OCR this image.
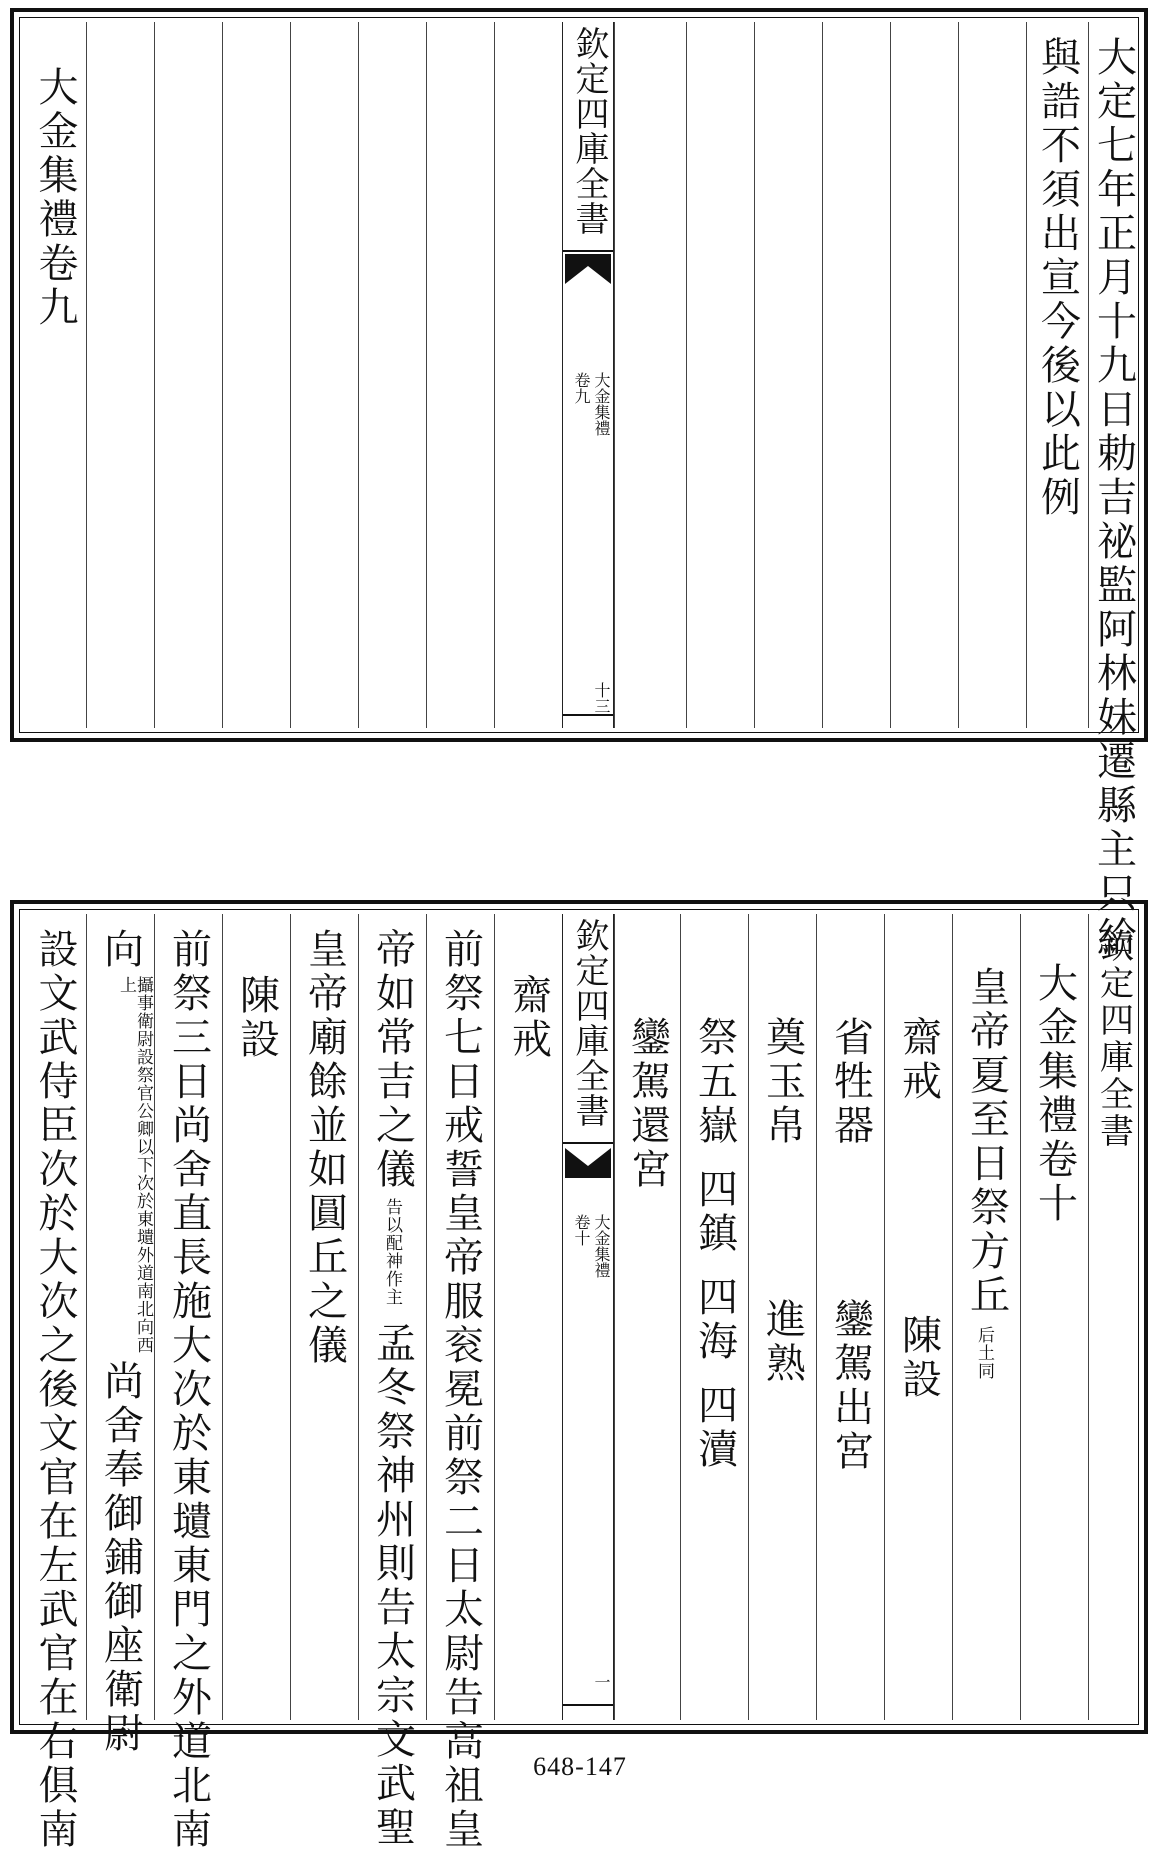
大定七年正月十九日勅吉祕監阿林妹遷縣主只給
與誥不須出宣今後以此例
欽定四庫全書
大金集禮
卷九
十三
大金集禮卷九
欽定四庫全書
大金集禮卷十
皇帝夏至日祭方丘
后土同
齋戒
陳設
省牲器
鑾駕出宮
奠玉帛
進熟
祭五嶽
四鎮
四海
四瀆
鑾駕還宮
欽定四庫全書
大金集禮
卷十
一
齋戒
前祭七日戒誓皇帝服衮冕前祭二日太尉告高祖皇
帝如常吉之儀
告以配神作主
孟冬祭神州則告太宗文武聖
皇帝廟餘並如圓丘之儀
陳設
前祭三日尚舍直長施大次於東壝東門之外道北南
向
攝事衛尉設祭官公卿以下次於東壝外道南北向西上
尚舍奉御鋪御座衛尉
設文武侍臣次於大次之後文官在左武官在右俱南	648-147
